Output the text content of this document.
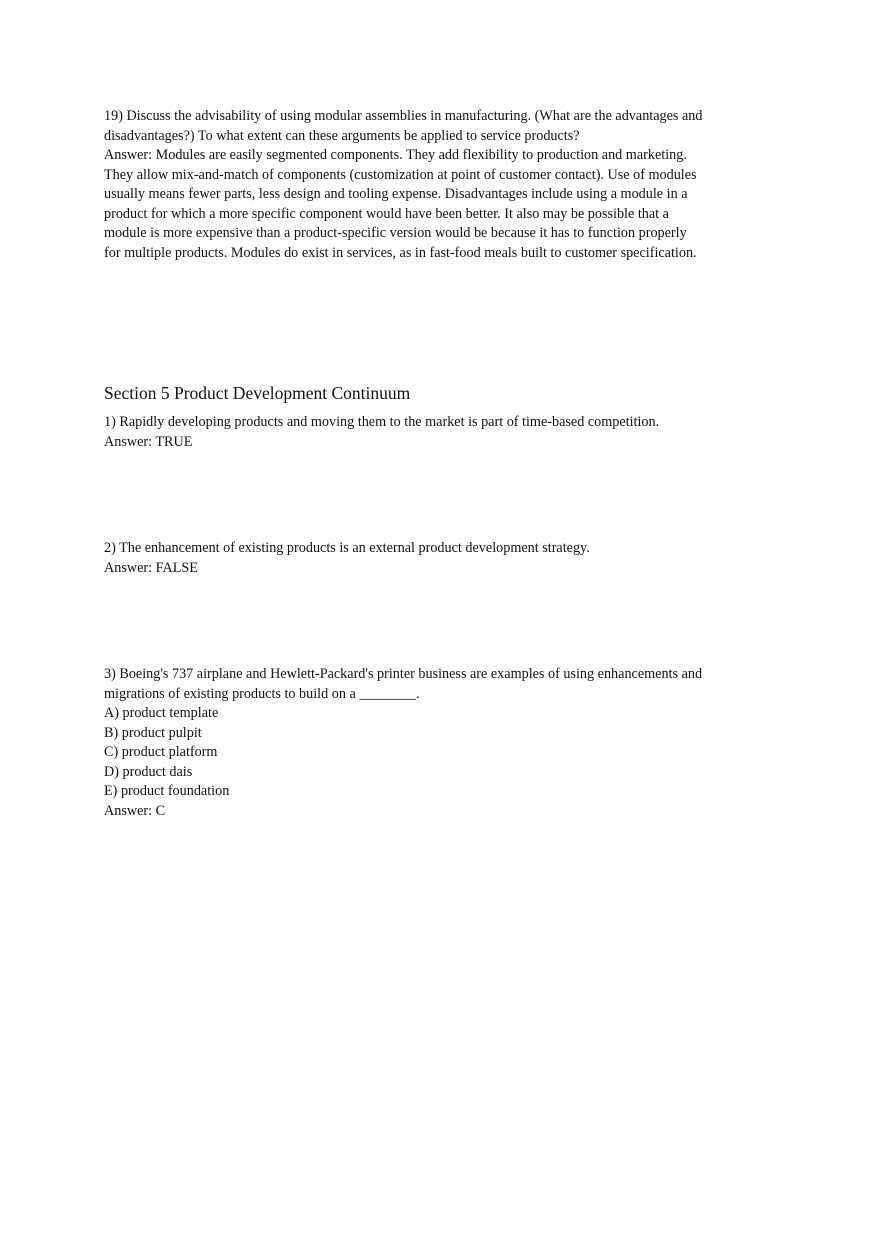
19) Discuss the advisability of using modular assemblies in manufacturing. (What are the advantages and
disadvantages?) To what extent can these arguments be applied to service products?
Answer: Modules are easily segmented components. They add flexibility to production and marketing.
They allow mix-and-match of components (customization at point of customer contact). Use of modules
usually means fewer parts, less design and tooling expense. Disadvantages include using a module in a
product for which a more specific component would have been better. It also may be possible that a
module is more expensive than a product-specific version would be because it has to function properly
for multiple products. Modules do exist in services, as in fast-food meals built to customer specification.
Section 5 Product Development Continuum
1) Rapidly developing products and moving them to the market is part of time-based competition.
Answer: TRUE
2) The enhancement of existing products is an external product development strategy.
Answer: FALSE
3) Boeing's 737 airplane and Hewlett-Packard's printer business are examples of using enhancements and
migrations of existing products to build on a ________.
A) product template
B) product pulpit
C) product platform
D) product dais
E) product foundation
Answer: C
